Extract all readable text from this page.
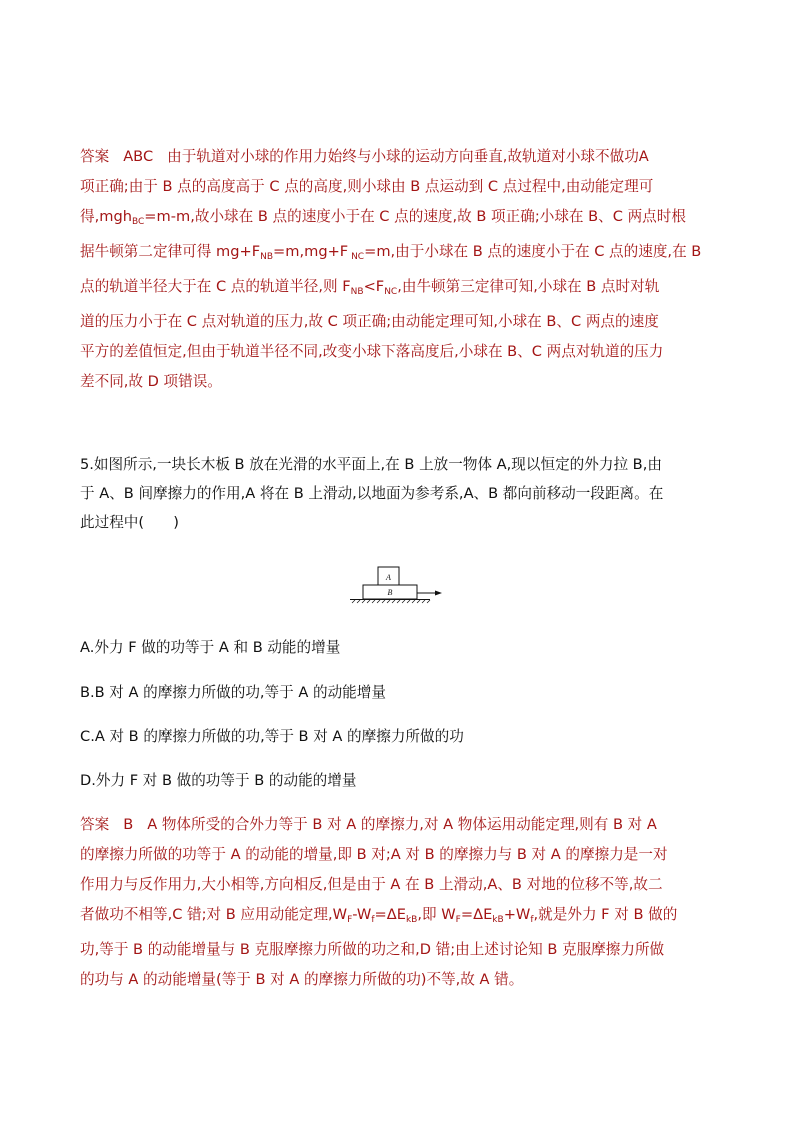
答案 ABC 由于轨道对小球的作用力始终与小球的运动方向垂直,故轨道对小球不做功A
项正确;由于 B 点的高度高于 C 点的高度,则小球由 B 点运动到 C 点过程中,由动能定理可
得,mgh$_{BC}$=m-m,故小球在 B 点的速度小于在 C 点的速度,故 B 项正确;小球在 B、C 两点时根
据牛顿第二定律可得 $mg+F_{NB}=m,mg+F$ $_{NC}$=m,由于小球在 B 点的速度小于在 C 点的速度,在 B
点的轨道半径大于在 C 点的轨道半径,则 $F_{NB}<F_{NC}$,由牛顿第三定律可知,小球在 B 点时对轨
道的压力小于在 C 点对轨道的压力,故 C 项正确;由动能定理可知,小球在 B、C 两点的速度
平方的差值恒定,但由于轨道半径不同,改变小球下落高度后,小球在 B、C 两点对轨道的压力
差不同,故 D 项错误。
5.如图所示,一块长木板 B 放在光滑的水平面上,在 B 上放一物体 A,现以恒定的外力拉 B,由
于 A、B 间摩擦力的作用,A 将在 B 上滑动,以地面为参考系,A、B 都向前移动一段距离。在
此过程中(　　)
A
B
A.外力 F 做的功等于 A 和 B 动能的增量
B.B 对 A 的摩擦力所做的功,等于 A 的动能增量
C.A 对 B 的摩擦力所做的功,等于 B 对 A 的摩擦力所做的功
D.外力 F 对 B 做的功等于 B 的动能的增量
答案 B A 物体所受的合外力等于 B 对 A 的摩擦力,对 A 物体运用动能定理,则有 B 对 A
的摩擦力所做的功等于 A 的动能的增量,即 B 对;A 对 B 的摩擦力与 B 对 A 的摩擦力是一对
作用力与反作用力,大小相等,方向相反,但是由于 A 在 B 上滑动,A、B 对地的位移不等,故二
者做功不相等,C 错;对 B 应用动能定理$,W_F-W_f=\Delta E_{kB}$,即 $W_F=\Delta E_{kB}+W_f$,就是外力 F 对 B 做的
功,等于 B 的动能增量与 B 克服摩擦力所做的功之和,D 错;由上述讨论知 B 克服摩擦力所做
的功与 A 的动能增量(等于 B 对 A 的摩擦力所做的功)不等,故 A 错。
